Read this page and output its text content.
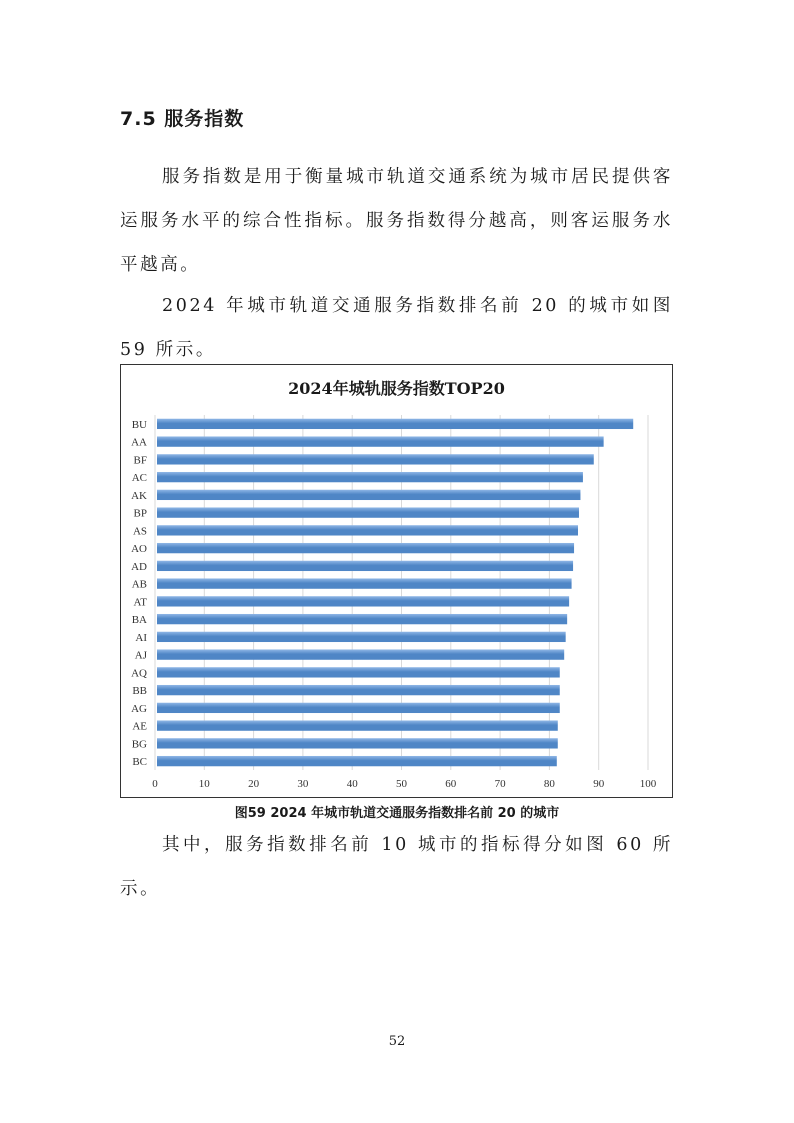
7.5 服务指数
服务指数是用于衡量城市轨道交通系统为城市居民提供客运服务水平的综合性指标。服务指数得分越高，则客运服务水平越高。
2024 年城市轨道交通服务指数排名前 20 的城市如图 59 所示。
2024年城轨服务指数TOP20
BU
AA
BF
AC
AK
BP
AS
AO
AD
AB
AT
BA
AI
AJ
AQ
BB
AG
AE
BG
BC
0	10	20	30	40	50	60	70	80	90	100
图59 2024 年城市轨道交通服务指数排名前 20 的城市
其中，服务指数排名前 10 城市的指标得分如图 60 所示。
52
